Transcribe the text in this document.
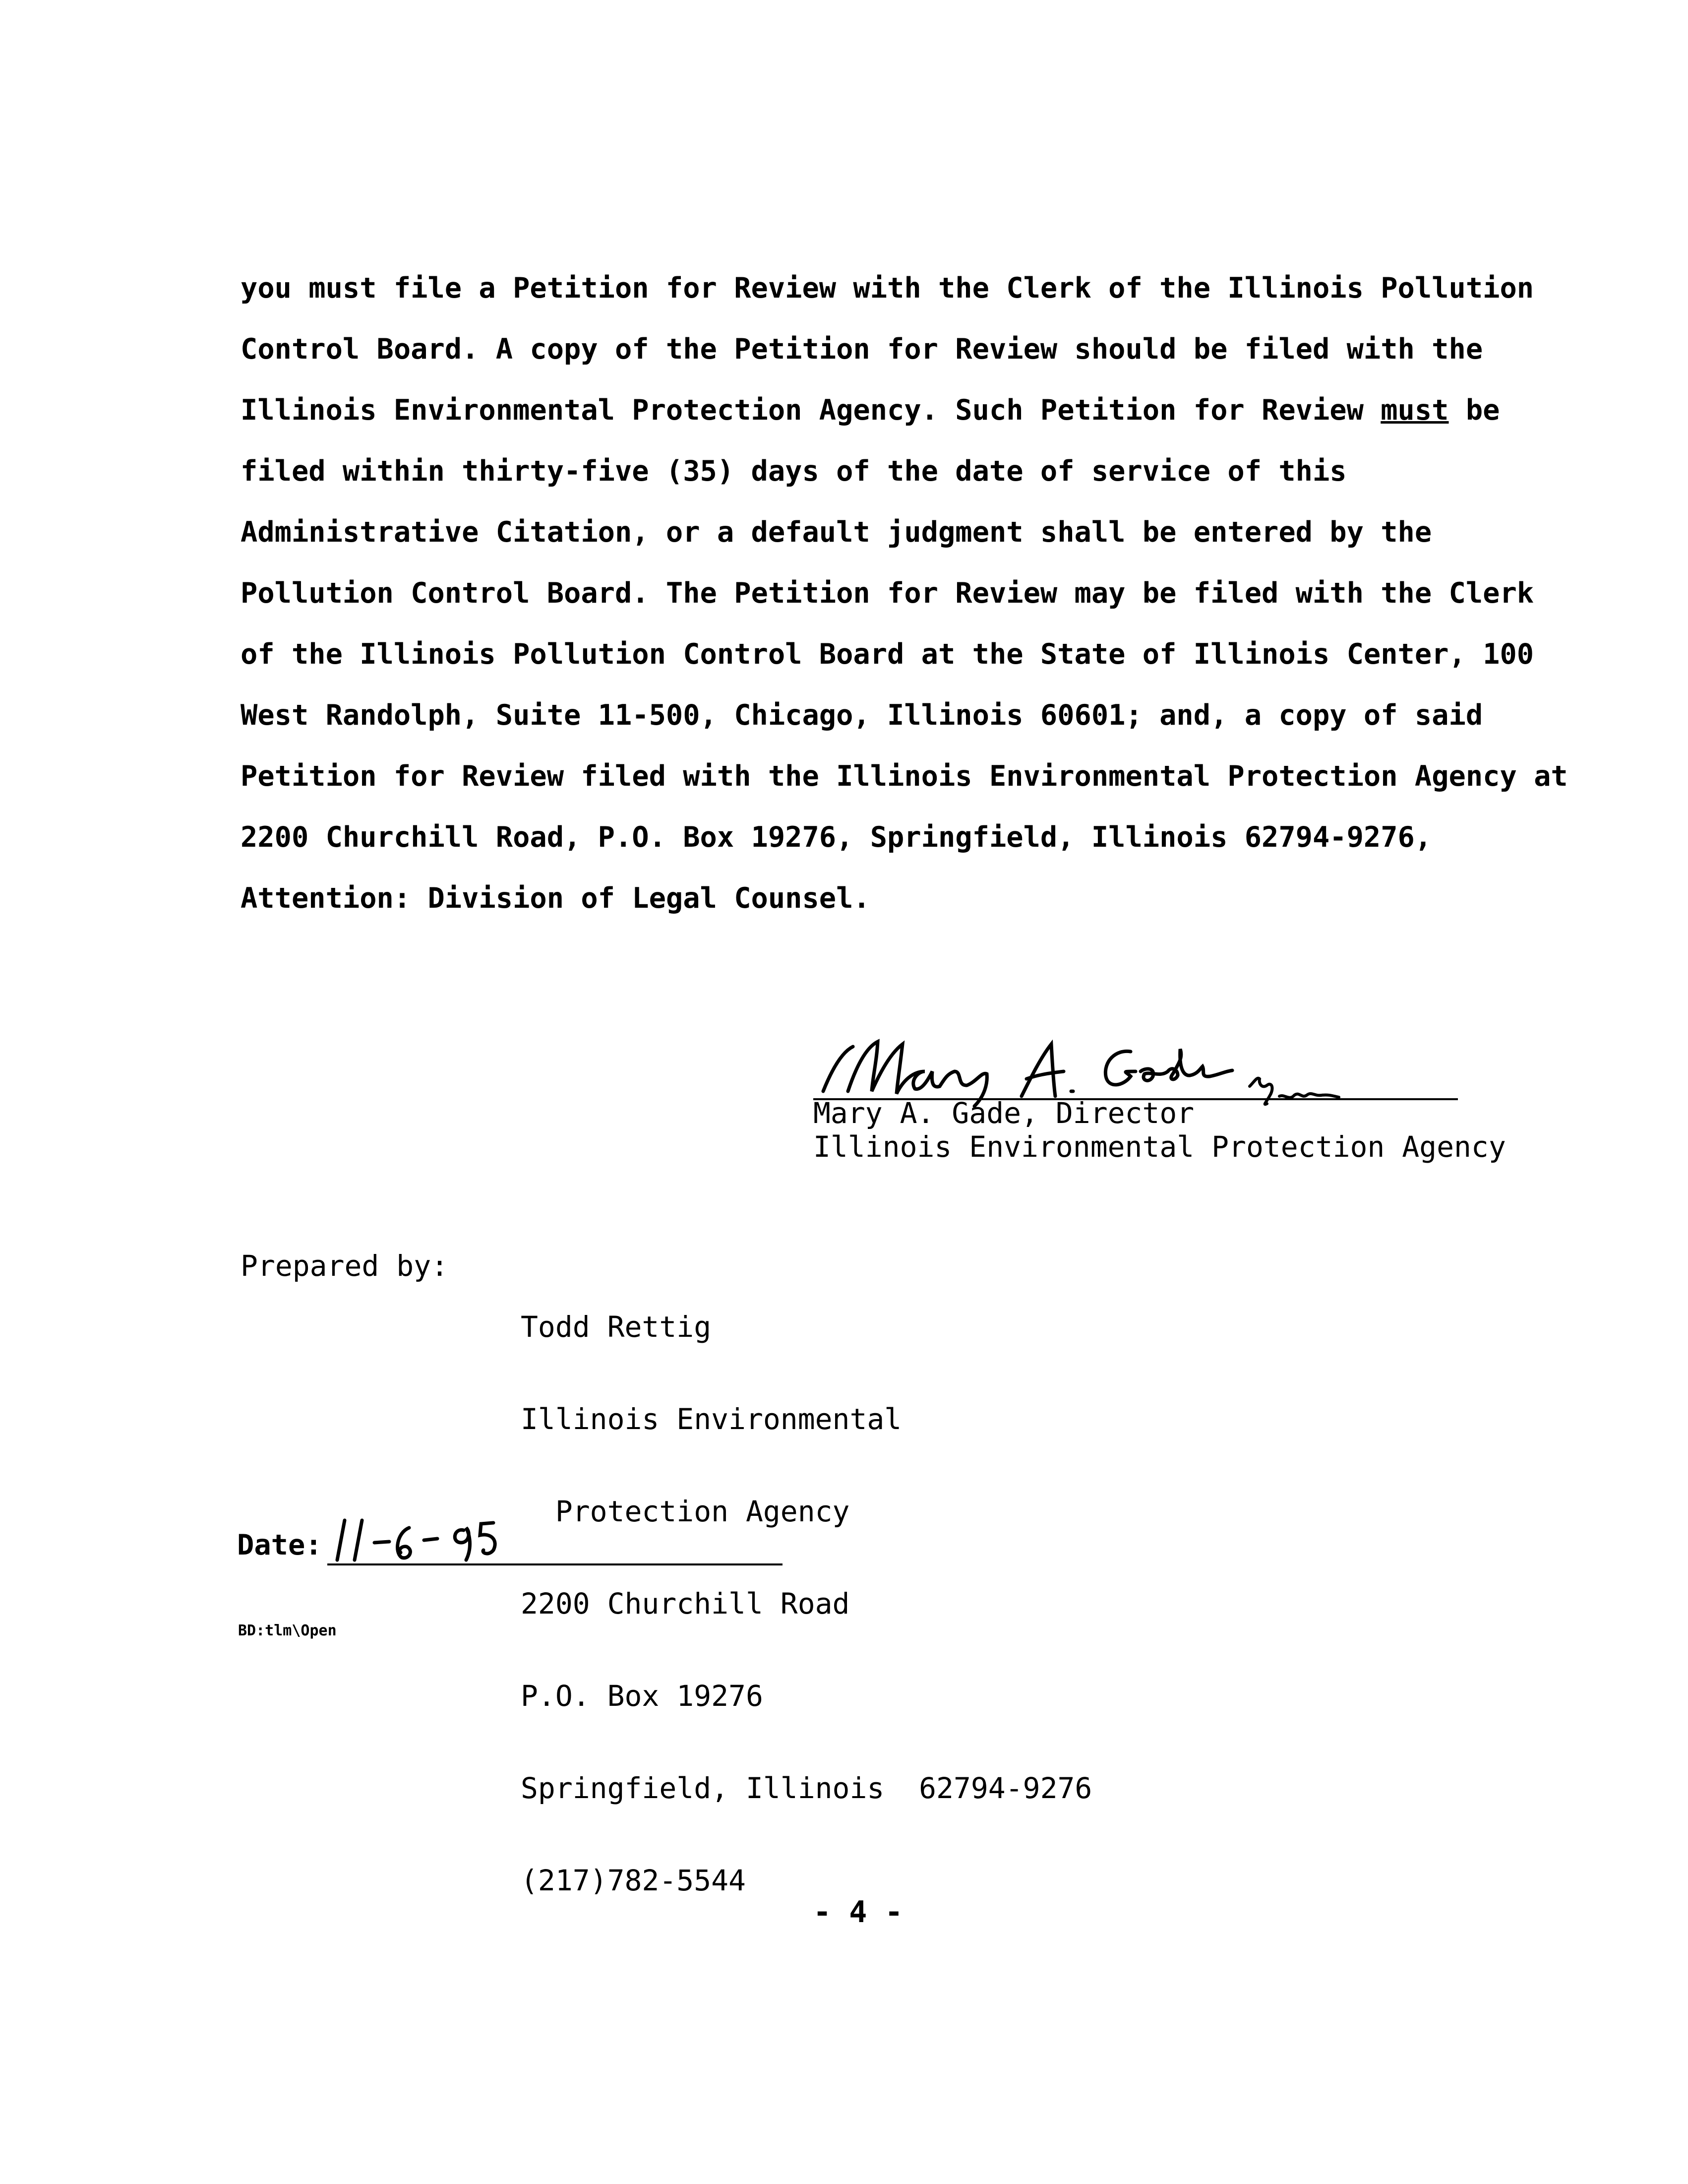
you must file a Petition for Review with the Clerk of the Illinois Pollution
Control Board. A copy of the Petition for Review should be filed with the
Illinois Environmental Protection Agency. Such Petition for Review must be
filed within thirty-five (35) days of the date of service of this
Administrative Citation, or a default judgment shall be entered by the
Pollution Control Board. The Petition for Review may be filed with the Clerk
of the Illinois Pollution Control Board at the State of Illinois Center, 100
West Randolph, Suite 11-500, Chicago, Illinois 60601; and, a copy of said
Petition for Review filed with the Illinois Environmental Protection Agency at
2200 Churchill Road, P.O. Box 19276, Springfield, Illinois 62794-9276,
Attention: Division of Legal Counsel.
Mary A. Gade, Director
Illinois Environmental Protection Agency
Prepared by:

Todd Rettig

Illinois Environmental

Protection Agency

2200 Churchill Road

P.O. Box 19276

Springfield, Illinois  62794-9276

(217)782-5544

Date:
BD:tlm\Open
- 4 -
